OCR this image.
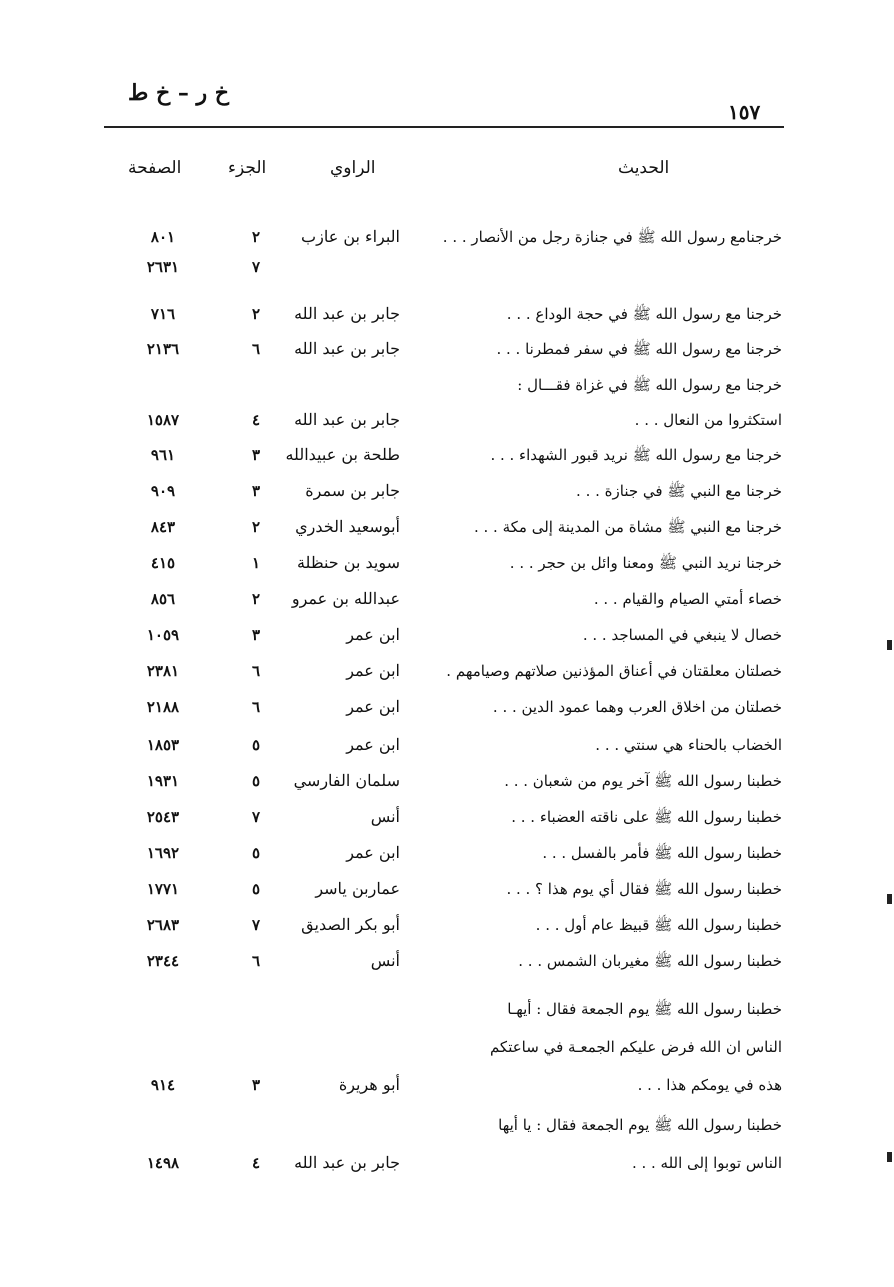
خ ر – خ ط
١٥٧
الحديث
الراوي
الجزء
الصفحة
خرجنامع رسول الله ﷺ في جنازة رجل من الأنصار . . .
البراء بن عازب
٢
٨٠١
٧
٢٦٣١
خرجنا مع رسول الله ﷺ في حجة الوداع . . .
جابر بن عبد الله
٢
٧١٦
خرجنا مع رسول الله ﷺ في سفر فمطرنا . . .
جابر بن عبد الله
٦
٢١٣٦
خرجنا مع رسول الله ﷺ في غزاة فقـــال :
استكثروا من النعال . . .
جابر بن عبد الله
٤
١٥٨٧
خرجنا مع رسول الله ﷺ نريد قبور الشهداء . . .
طلحة بن عبيدالله
٣
٩٦١
خرجنا مع النبي ﷺ في جنازة . . .
جابر بن سمرة
٣
٩٠٩
خرجنا مع النبي ﷺ مشاة من المدينة إلى مكة . . .
أبوسعيد الخدري
٢
٨٤٣
خرجنا نريد النبي ﷺ ومعنا وائل بن حجر . . .
سويد بن حنظلة
١
٤١٥
خصاء أمتي الصيام والقيام . . .
عبدالله بن عمرو
٢
٨٥٦
خصال لا ينبغي في المساجد . . .
ابن عمر
٣
١٠٥٩
خصلتان معلقتان في أعناق المؤذنين صلاتهم وصيامهم .
ابن عمر
٦
٢٣٨١
خصلتان من اخلاق العرب وهما عمود الدين . . .
ابن عمر
٦
٢١٨٨
الخضاب بالحناء هي سنتي . . .
ابن عمر
٥
١٨٥٣
خطبنا رسول الله ﷺ آخر يوم من شعبان . . .
سلمان الفارسي
٥
١٩٣١
خطبنا رسول الله ﷺ على ناقته العضباء . . .
أنس
٧
٢٥٤٣
خطبنا رسول الله ﷺ فأمر بالفسل . . .
ابن عمر
٥
١٦٩٢
خطبنا رسول الله ﷺ فقال أي يوم هذا ؟ . . .
عماربن ياسر
٥
١٧٧١
خطبنا رسول الله ﷺ قبيظ عام أول . . .
أبو بكر الصديق
٧
٢٦٨٣
خطبنا رسول الله ﷺ مغيربان الشمس . . .
أنس
٦
٢٣٤٤
خطبنا رسول الله ﷺ يوم الجمعة فقال : أيهـا
الناس ان الله فرض عليكم الجمعـة في ساعتكم
هذه في يومكم هذا . . .
أبو هريرة
٣
٩١٤
خطبنا رسول الله ﷺ يوم الجمعة فقال : يا أيها
الناس توبوا إلى الله . . .
جابر بن عبد الله
٤
١٤٩٨
